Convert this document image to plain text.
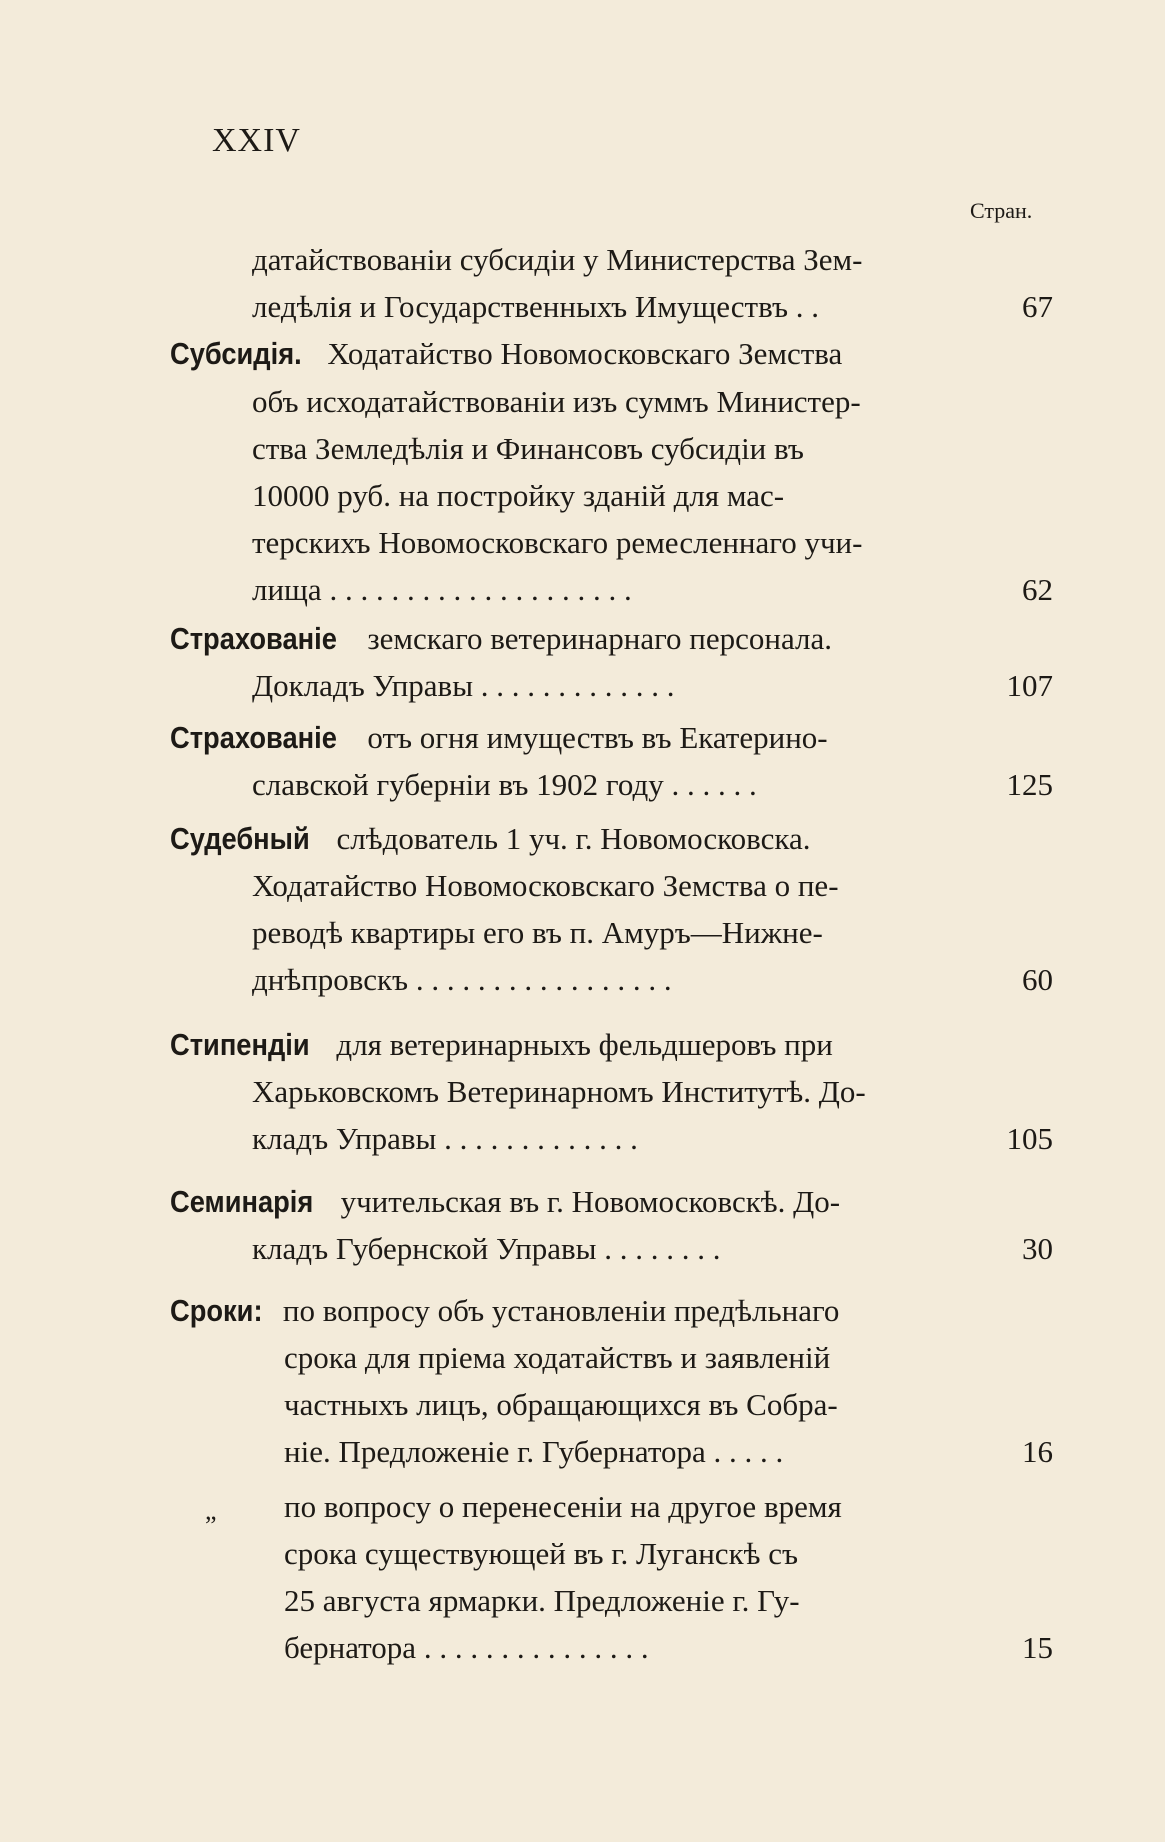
XXIV
Стран.
датайствованіи субсидіи у Министерства Зем-
ледѣлія и Государственныхъ Имуществъ . .	67
Субсидія. Ходатайство Новомосковскаго Земства
объ исходатайствованіи изъ суммъ Министер-
ства Земледѣлія и Финансовъ субсидіи въ
10000 руб. на постройку зданій для мас-
терскихъ Новомосковскаго ремесленнаго учи-
лища . . . . . . . . . . . . . . . . . . . .	62
Страхованіе земскаго ветеринарнаго персонала.
Докладъ Управы . . . . . . . . . . . . .	107
Страхованіе отъ огня имуществъ въ Екатерино-
славской губерніи въ 1902 году . . . . . .	125
Судебный слѣдователь 1 уч. г. Новомосковска.
Ходатайство Новомосковскаго Земства о пе-
реводѣ квартиры его въ п. Амуръ—Нижне-
днѣпровскъ . . . . . . . . . . . . . . . . .	60
Стипендіи для ветеринарныхъ фельдшеровъ при
Харьковскомъ Ветеринарномъ Институтѣ. До-
кладъ Управы . . . . . . . . . . . . .	105
Семинарія учительская въ г. Новомосковскѣ. До-
кладъ Губернской Управы . . . . . . . .	30
Сроки: по вопросу объ установленіи предѣльнаго
срока для пріема ходатайствъ и заявленій
частныхъ лицъ, обращающихся въ Собра-
ніе. Предложеніе г. Губернатора . . . . .	16
„ по вопросу о перенесеніи на другое время
срока существующей въ г. Луганскѣ съ
25 августа ярмарки. Предложеніе г. Гу-
бернатора . . . . . . . . . . . . . . .	15
